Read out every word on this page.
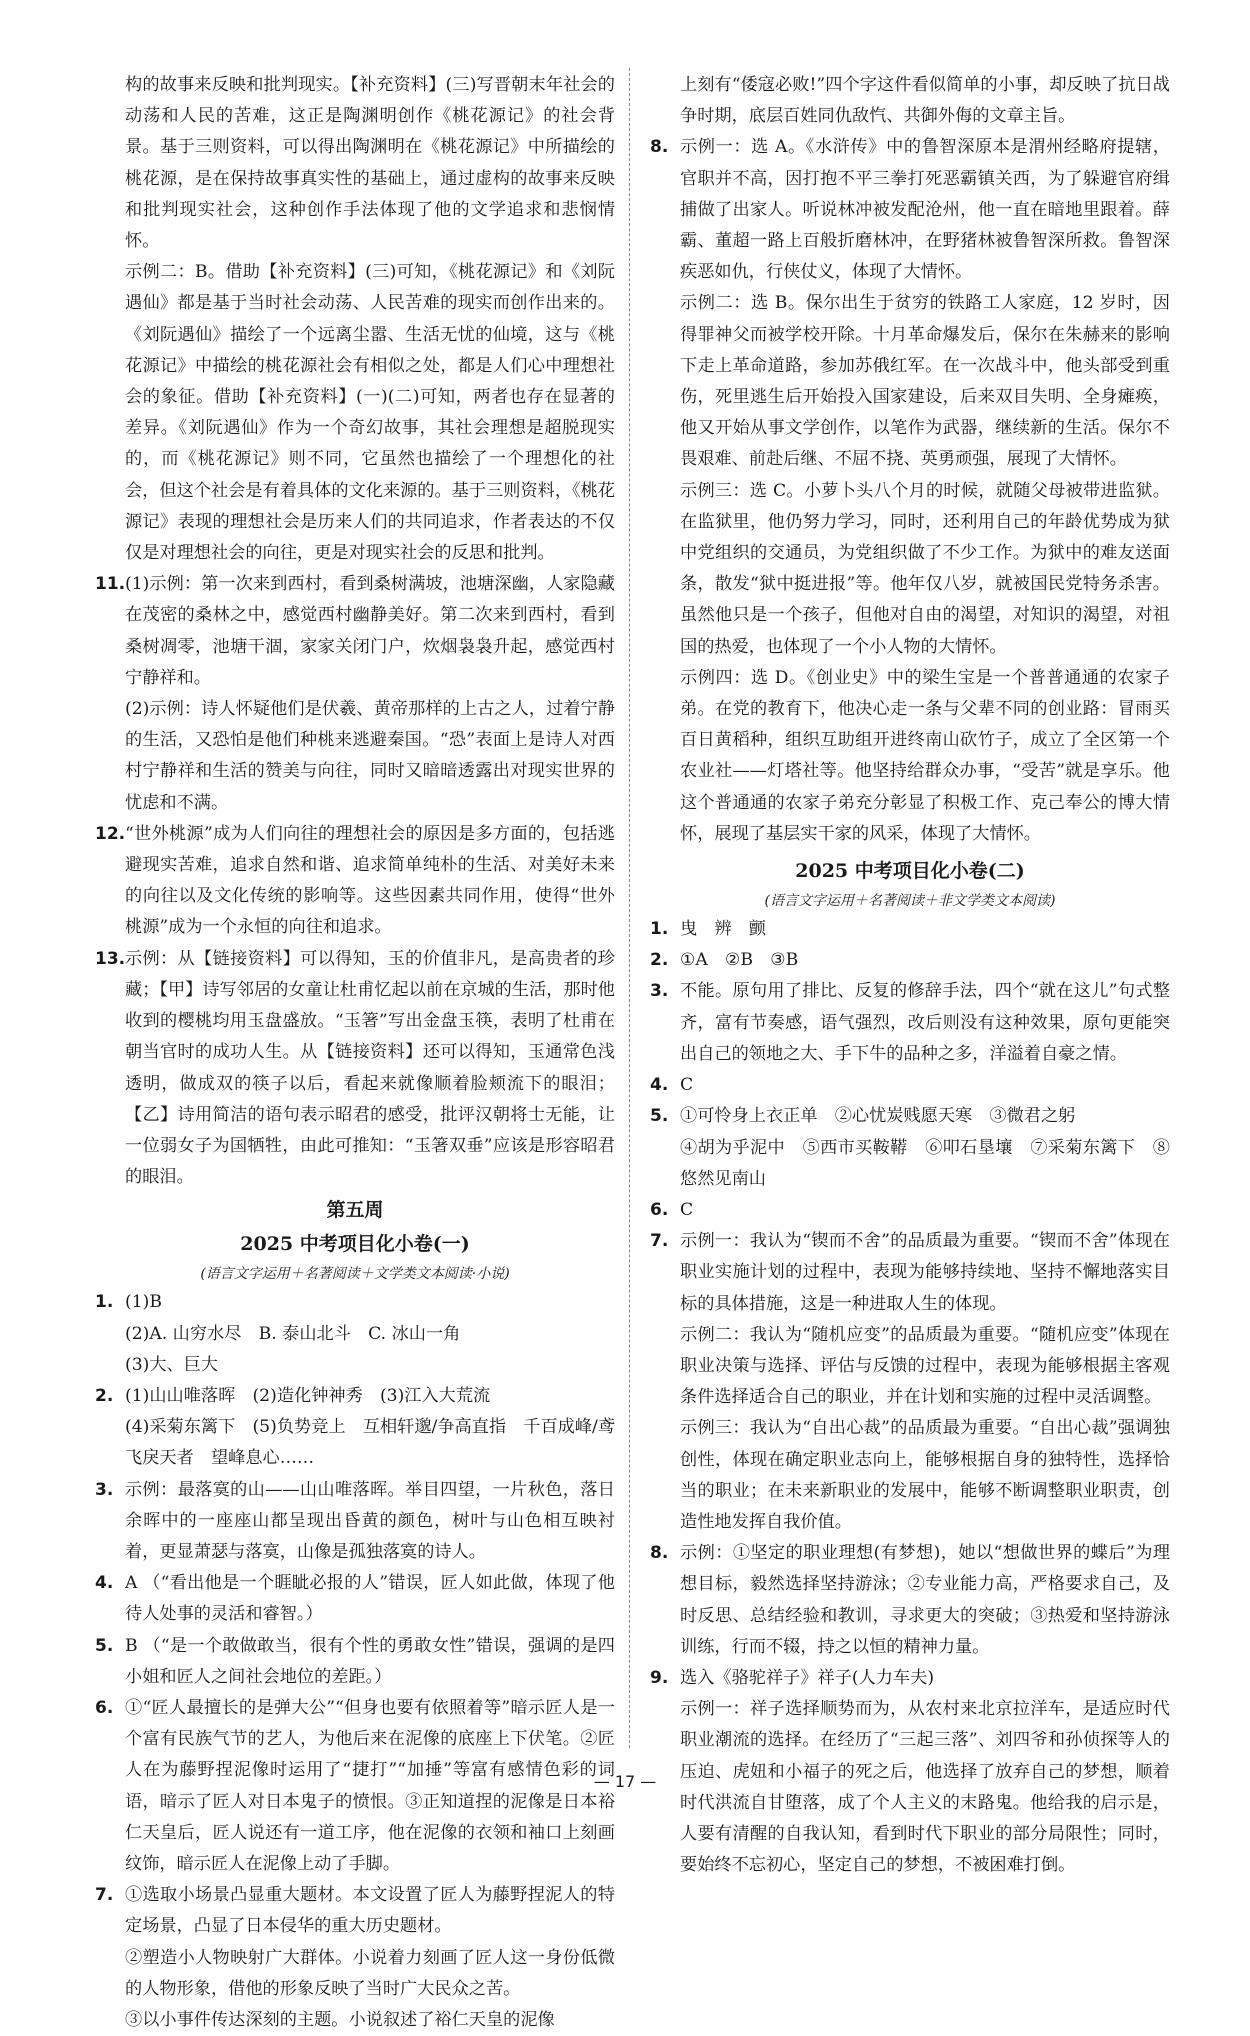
构的故事来反映和批判现实。【补充资料】(三)写晋朝末年社会的动荡和人民的苦难，这正是陶渊明创作《桃花源记》的社会背景。基于三则资料，可以得出陶渊明在《桃花源记》中所描绘的桃花源，是在保持故事真实性的基础上，通过虚构的故事来反映和批判现实社会，这种创作手法体现了他的文学追求和悲悯情怀。

示例二：B。借助【补充资料】(三)可知，《桃花源记》和《刘阮遇仙》都是基于当时社会动荡、人民苦难的现实而创作出来的。《刘阮遇仙》描绘了一个远离尘嚣、生活无忧的仙境，这与《桃花源记》中描绘的桃花源社会有相似之处，都是人们心中理想社会的象征。借助【补充资料】(一)(二)可知，两者也存在显著的差异。《刘阮遇仙》作为一个奇幻故事，其社会理想是超脱现实的，而《桃花源记》则不同，它虽然也描绘了一个理想化的社会，但这个社会是有着具体的文化来源的。基于三则资料，《桃花源记》表现的理想社会是历来人们的共同追求，作者表达的不仅仅是对理想社会的向往，更是对现实社会的反思和批判。

11. (1)示例：第一次来到西村，看到桑树满坡，池塘深幽，人家隐藏在茂密的桑林之中，感觉西村幽静美好。第二次来到西村，看到桑树凋零，池塘干涸，家家关闭门户，炊烟袅袅升起，感觉西村宁静祥和。

(2)示例：诗人怀疑他们是伏羲、黄帝那样的上古之人，过着宁静的生活，又恐怕是他们种桃来逃避秦国。“恐”表面上是诗人对西村宁静祥和生活的赞美与向往，同时又暗暗透露出对现实世界的忧虑和不满。

12. “世外桃源”成为人们向往的理想社会的原因是多方面的，包括逃避现实苦难，追求自然和谐、追求简单纯朴的生活、对美好未来的向往以及文化传统的影响等。这些因素共同作用，使得“世外桃源”成为一个永恒的向往和追求。

13. 示例：从【链接资料】可以得知，玉的价值非凡，是高贵者的珍藏；【甲】诗写邻居的女童让杜甫忆起以前在京城的生活，那时他收到的樱桃均用玉盘盛放。“玉箸”写出金盘玉筷，表明了杜甫在朝当官时的成功人生。从【链接资料】还可以得知，玉通常色浅透明，做成双的筷子以后，看起来就像顺着脸颊流下的眼泪；【乙】诗用简洁的语句表示昭君的感受，批评汉朝将士无能，让一位弱女子为国牺牲，由此可推知：“玉箸双垂”应该是形容昭君的眼泪。

第五周

2025 中考项目化小卷(一)

(语言文字运用＋名著阅读＋文学类文本阅读·小说)

1. (1)B

(2)A. 山穷水尽　B. 泰山北斗　C. 冰山一角

(3)大、巨大

2. (1)山山唯落晖　(2)造化钟神秀　(3)江入大荒流

(4)采菊东篱下　(5)负势竞上　互相轩邈/争高直指　千百成峰/鸢飞戾天者　望峰息心……

3. 示例：最落寞的山——山山唯落晖。举目四望，一片秋色，落日余晖中的一座座山都呈现出昏黄的颜色，树叶与山色相互映衬着，更显萧瑟与落寞，山像是孤独落寞的诗人。

4. A （“看出他是一个睚眦必报的人”错误，匠人如此做，体现了他待人处事的灵活和睿智。）

5. B （“是一个敢做敢当，很有个性的勇敢女性”错误，强调的是四小姐和匠人之间社会地位的差距。）

6. ①“匠人最擅长的是弹大公”“但身也要有依照着等”暗示匠人是一个富有民族气节的艺人，为他后来在泥像的底座上下伏笔。②匠人在为藤野捏泥像时运用了“捷打”“加捶”等富有感情色彩的词语，暗示了匠人对日本鬼子的愤恨。③正知道捏的泥像是日本裕仁天皇后，匠人说还有一道工序，他在泥像的衣领和袖口上刻画纹饰，暗示匠人在泥像上动了手脚。

7. ①选取小场景凸显重大题材。本文设置了匠人为藤野捏泥人的特定场景，凸显了日本侵华的重大历史题材。

②塑造小人物映射广大群体。小说着力刻画了匠人这一身份低微的人物形象，借他的形象反映了当时广大民众之苦。

③以小事件传达深刻的主题。小说叙述了裕仁天皇的泥像

上刻有“倭寇必败!”四个字这件看似简单的小事，却反映了抗日战争时期，底层百姓同仇敌忾、共御外侮的文章主旨。

8. 示例一：选 A。《水浒传》中的鲁智深原本是渭州经略府提辖，官职并不高，因打抱不平三拳打死恶霸镇关西，为了躲避官府缉捕做了出家人。听说林冲被发配沧州，他一直在暗地里跟着。薛霸、董超一路上百般折磨林冲，在野猪林被鲁智深所救。鲁智深疾恶如仇，行侠仗义，体现了大情怀。

示例二：选 B。保尔出生于贫穷的铁路工人家庭，12 岁时，因得罪神父而被学校开除。十月革命爆发后，保尔在朱赫来的影响下走上革命道路，参加苏俄红军。在一次战斗中，他头部受到重伤，死里逃生后开始投入国家建设，后来双目失明、全身瘫痪，他又开始从事文学创作，以笔作为武器，继续新的生活。保尔不畏艰难、前赴后继、不屈不挠、英勇顽强，展现了大情怀。

示例三：选 C。小萝卜头八个月的时候，就随父母被带进监狱。在监狱里，他仍努力学习，同时，还利用自己的年龄优势成为狱中党组织的交通员，为党组织做了不少工作。为狱中的难友送面条，散发“狱中挺进报”等。他年仅八岁，就被国民党特务杀害。虽然他只是一个孩子，但他对自由的渴望，对知识的渴望，对祖国的热爱，也体现了一个小人物的大情怀。

示例四：选 D。《创业史》中的梁生宝是一个普普通通的农家子弟。在党的教育下，他决心走一条与父辈不同的创业路：冒雨买百日黄稻种，组织互助组开进终南山砍竹子，成立了全区第一个农业社——灯塔社等。他坚持给群众办事，“受苦”就是享乐。他这个普通通的农家子弟充分彰显了积极工作、克己奉公的博大情怀，展现了基层实干家的风采，体现了大情怀。

2025 中考项目化小卷(二)

(语言文字运用＋名著阅读＋非文学类文本阅读)

1. 曳　辨　颤

2. ①A　②B　③B

3. 不能。原句用了排比、反复的修辞手法，四个“就在这儿”句式整齐，富有节奏感，语气强烈，改后则没有这种效果，原句更能突出自己的领地之大、手下牛的品种之多，洋溢着自豪之情。

4. C

5. ①可怜身上衣正单　②心忧炭贱愿天寒　③微君之躬

④胡为乎泥中　⑤西市买鞍鞯　⑥叩石垦壤　⑦采菊东篱下　⑧悠然见南山

6. C

7. 示例一：我认为“锲而不舍”的品质最为重要。“锲而不舍”体现在职业实施计划的过程中，表现为能够持续地、坚持不懈地落实目标的具体措施，这是一种进取人生的体现。

示例二：我认为“随机应变”的品质最为重要。“随机应变”体现在职业决策与选择、评估与反馈的过程中，表现为能够根据主客观条件选择适合自己的职业，并在计划和实施的过程中灵活调整。

示例三：我认为“自出心裁”的品质最为重要。“自出心裁”强调独创性，体现在确定职业志向上，能够根据自身的独特性，选择恰当的职业；在未来新职业的发展中，能够不断调整职业职责，创造性地发挥自我价值。

8. 示例：①坚定的职业理想(有梦想)，她以“想做世界的蝶后”为理想目标，毅然选择坚持游泳；②专业能力高，严格要求自己，及时反思、总结经验和教训，寻求更大的突破；③热爱和坚持游泳训练，行而不辍，持之以恒的精神力量。

9. 选入《骆驼祥子》祥子(人力车夫)

示例一：祥子选择顺势而为，从农村来北京拉洋车，是适应时代职业潮流的选择。在经历了“三起三落”、刘四爷和孙侦探等人的压迫、虎妞和小福子的死之后，他选择了放弃自己的梦想，顺着时代洪流自甘堕落，成了个人主义的末路鬼。他给我的启示是，人要有清醒的自我认知，看到时代下职业的部分局限性；同时，要始终不忘初心，坚定自己的梦想，不被困难打倒。

— 17 —
